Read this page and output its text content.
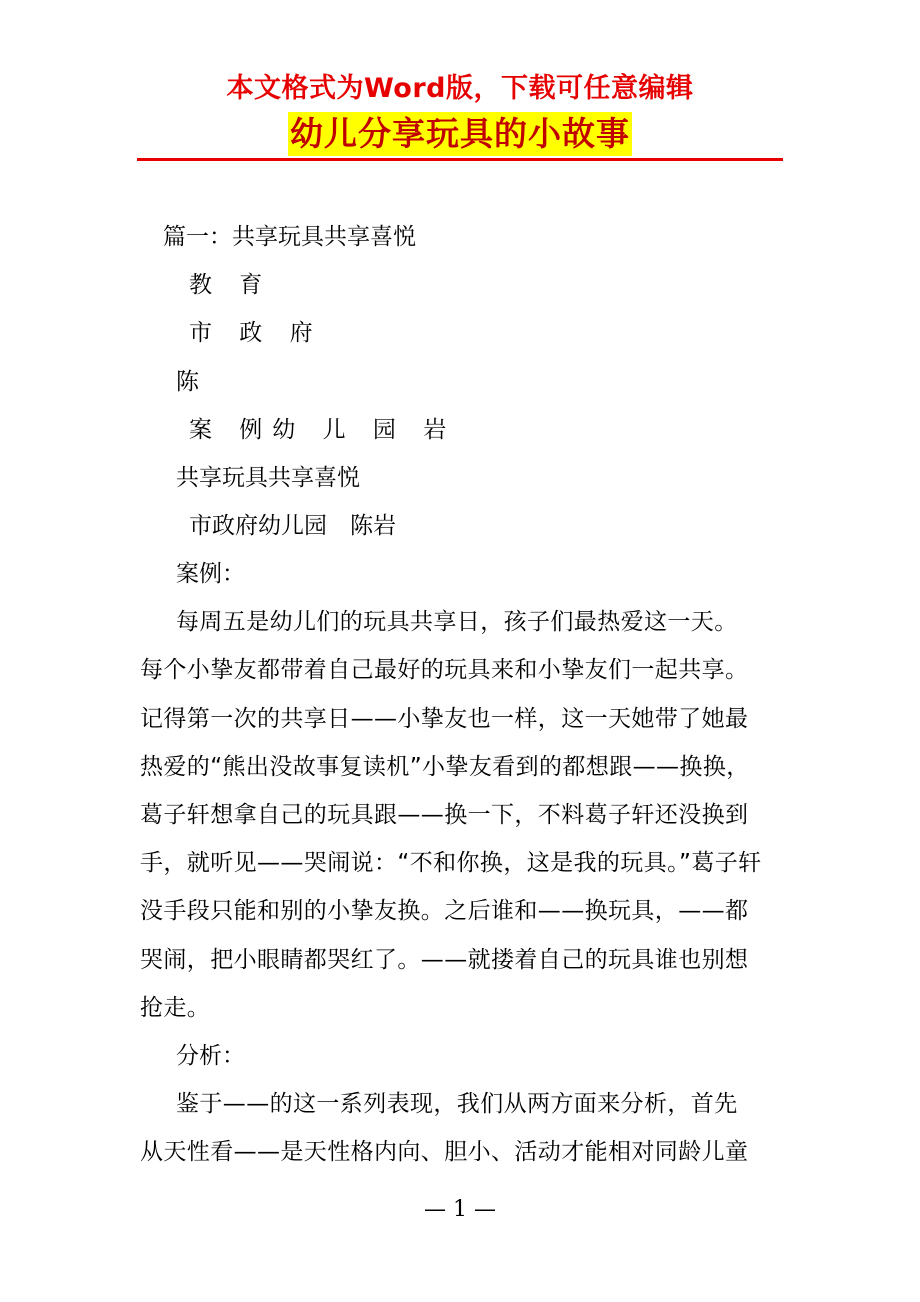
本文格式为Word版，下载可任意编辑
幼儿分享玩具的小故事
篇一：共享玩具共享喜悦
教 育
市 政 府
陈
案 例幼 儿 园 岩
共享玩具共享喜悦
市政府幼儿园　陈岩
案例：
每周五是幼儿们的玩具共享日，孩子们最热爱这一天。
每个小挚友都带着自己最好的玩具来和小挚友们一起共享。
记得第一次的共享日——小挚友也一样，这一天她带了她最
热爱的“熊出没故事复读机”小挚友看到的都想跟——换换，
葛子轩想拿自己的玩具跟——换一下，不料葛子轩还没换到
手，就听见——哭闹说：“不和你换，这是我的玩具。”葛子轩
没手段只能和别的小挚友换。之后谁和——换玩具，——都
哭闹，把小眼睛都哭红了。——就搂着自己的玩具谁也别想
抢走。
分析：
鉴于——的这一系列表现，我们从两方面来分析，首先
从天性看——是天性格内向、胆小、活动才能相对同龄儿童
— 1 —
